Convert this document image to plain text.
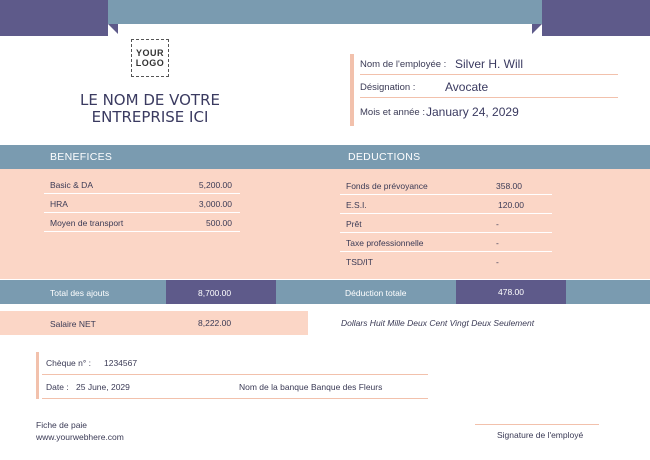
YOUR
LOGO
LE NOM DE VOTRE
ENTREPRISE ICI
Nom de l'employée : Silver H. Will
Désignation : Avocate
Mois et année : January 24, 2029
BENEFICES	DEDUCTIONS
Basic & DA	5,200.00
HRA	3,000.00
Moyen de transport	500.00
Fonds de prévoyance	358.00
E.S.I.	120.00
Prêt	-
Taxe professionnelle	-
TSD/IT	-
Total des ajouts	8,700.00	Déduction totale	478.00
Salaire NET	8,222.00	Dollars Huit Mille Deux Cent Vingt Deux Seulement
Chèque n° : 1234567
Date : 25 June, 2029	Nom de la banque :
Banque des Fleurs
Fiche de paie
www.yourwebhere.com	Signature de l'employé
